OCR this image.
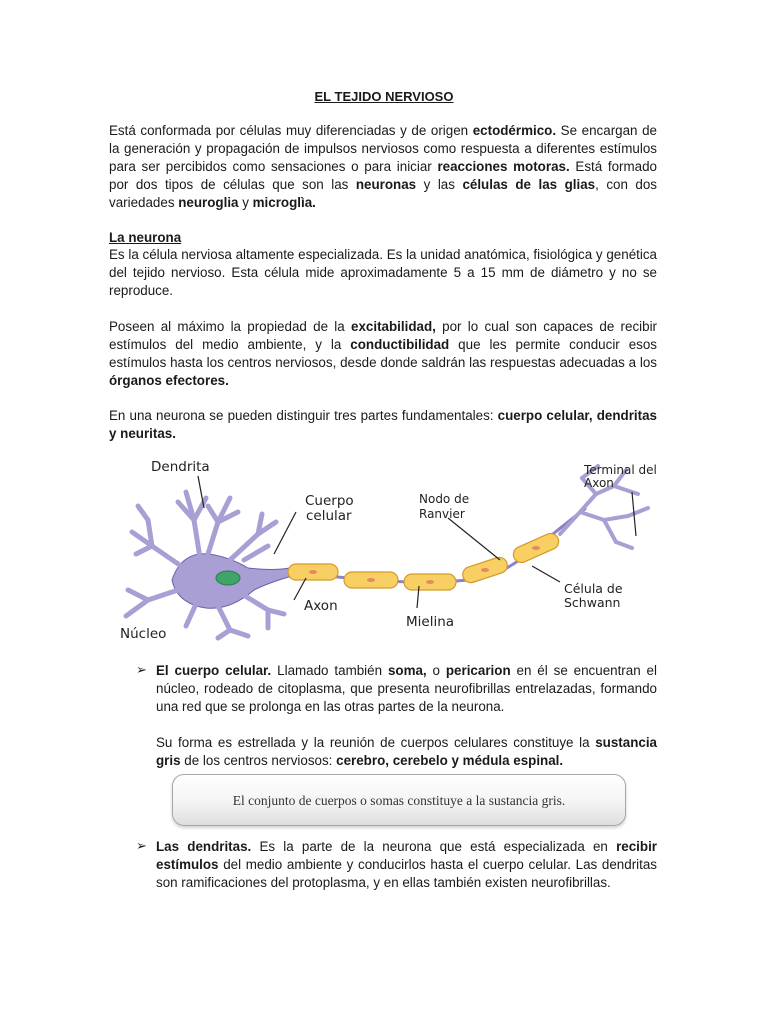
EL TEJIDO NERVIOSO

Está conformada por células muy diferenciadas y de origen ectodérmico. Se encargan de la generación y propagación de impulsos nerviosos como respuesta a diferentes estímulos para ser percibidos como sensaciones o para iniciar reacciones motoras. Está formado por dos tipos de células que son las neuronas y las células de las glias, con dos variedades neuroglia y microglìa.

La neurona

Es la célula nerviosa altamente especializada. Es la unidad anatómica, fisiológica y genética del tejido nervioso. Esta célula mide aproximadamente 5 a 15 mm de diámetro y no se reproduce.

Poseen al máximo la propiedad de la excitabilidad, por lo cual son capaces de recibir estímulos del medio ambiente, y la conductibilidad que les permite conducir esos estímulos hasta los centros nerviosos, desde donde saldrán las respuestas adecuadas a los órganos efectores.

En una neurona se pueden distinguir tres partes fundamentales: cuerpo celular, dendritas y neuritas.

Dendrita
Cuerpo
celular
Nodo de
Ranvier
Terminal del
Axon
Axon
Núcleo
Mielina
Célula de
Schwann
➢ El cuerpo celular. Llamado también soma, o pericarion en él se encuentran el núcleo, rodeado de citoplasma, que presenta neurofibrillas entrelazadas, formando una red que se prolonga en las otras partes de la neurona.

Su forma es estrellada y la reunión de cuerpos celulares constituye la sustancia gris de los centros nerviosos: cerebro, cerebelo y médula espinal.

El conjunto de cuerpos o somas constituye a la sustancia gris.
➢ Las dendritas. Es la parte de la neurona que está especializada en recibir estímulos del medio ambiente y conducirlos hasta el cuerpo celular. Las dendritas son ramificaciones del protoplasma, y en ellas también existen neurofibrillas.
